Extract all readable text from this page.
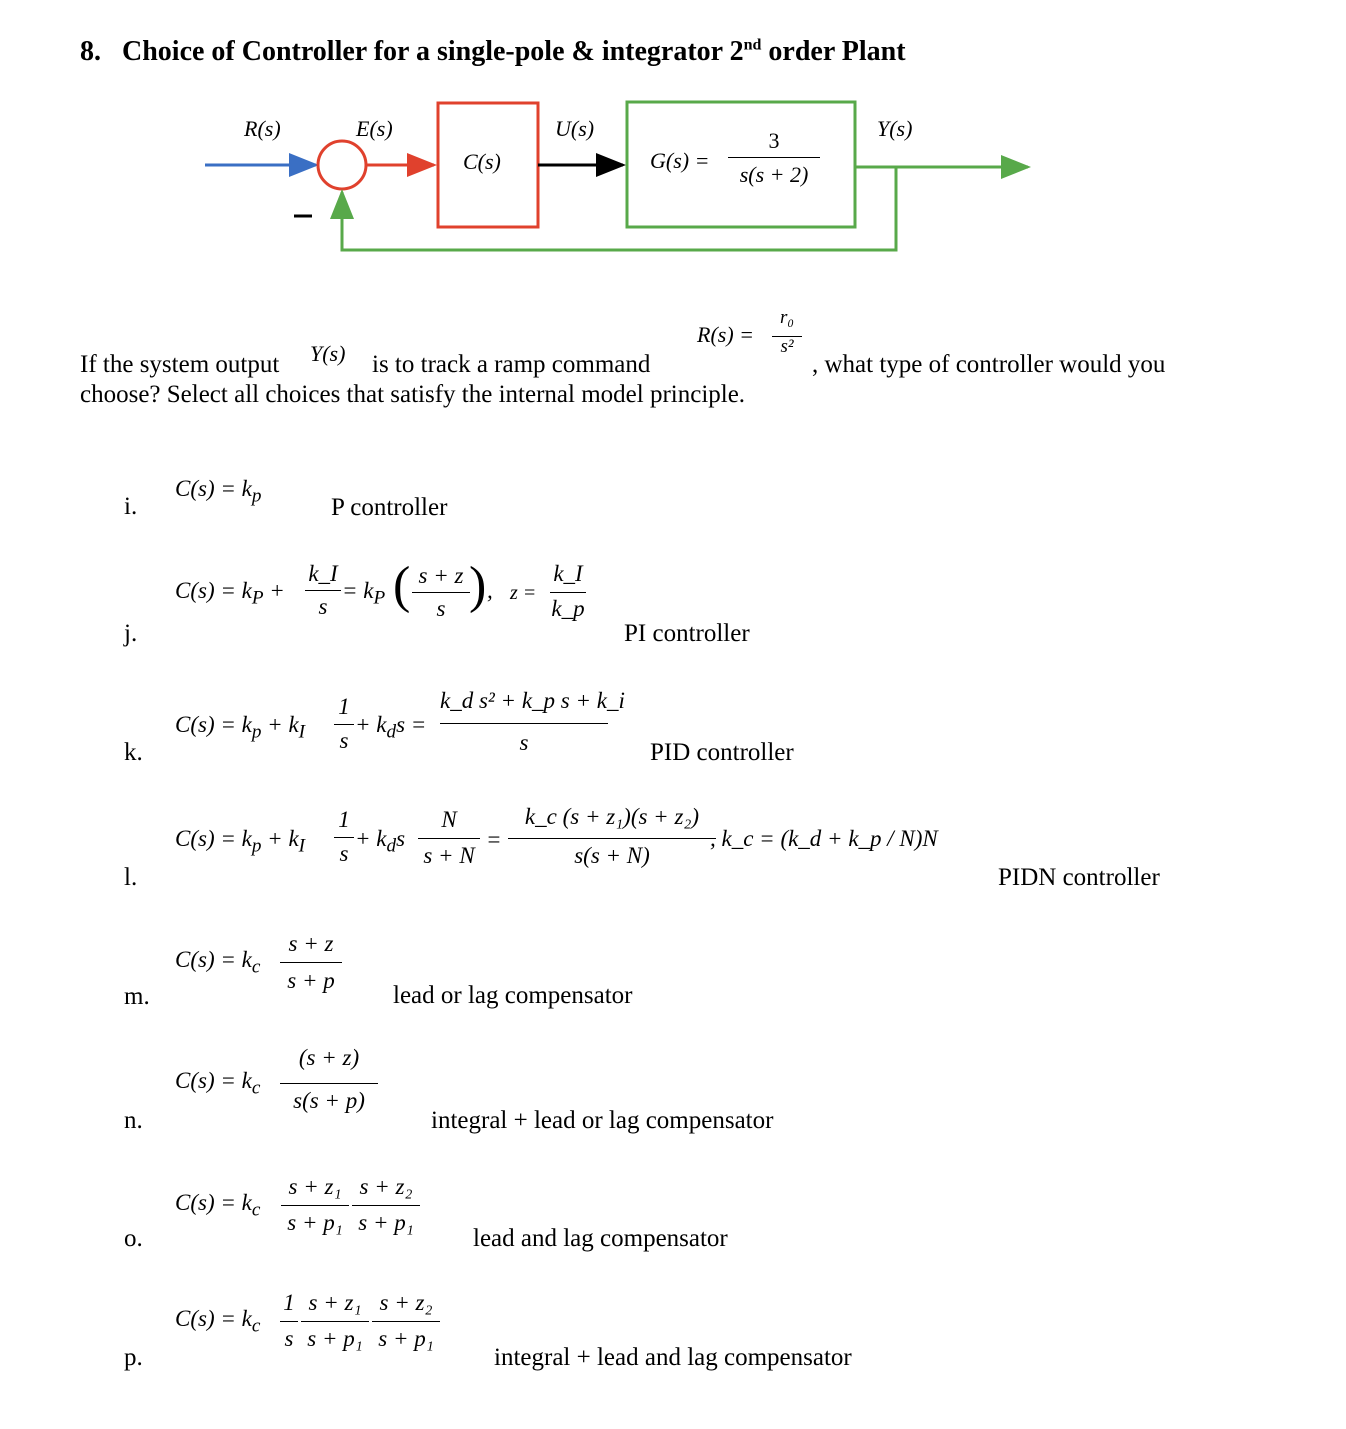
8. Choice of Controller for a single-pole & integrator 2nd order Plant
R(s)	E(s)	U(s)	Y(s)
C(s)	G(s) =
3
s(s + 2)
If the system output Y(s) is to track a ramp command
R(s) =
r₀
s²
, what type of controller would you
choose? Select all choices that satisfy the internal model principle.
i.
j.
k.
l.
m.
n.
o.
p.
P controller
PI controller
PID controller
PIDN controller
lead or lag compensator
integral + lead or lag compensator
lead and lag compensator
integral + lead and lag compensator
$C(s) = k_p$
$C(s) = k_P$ +
k_I
s
= $k_P$ ( s + z
s ) , z =
k_I
k_p
$C(s) = k_p + k_I$
1
s
+ $k_ds$ =
k_d s² + k_p s + k_i
s
$C(s) = k_p + k_I$
1
s
+ $k_ds$
N
s + N
=
k_c (s + z₁)(s + z₂)
s(s + N)
, k_c = (k_d + k_p / N)N
$C(s) = k_c$
s + z
s + p
$C(s) = k_c$
(s + z)
s(s + p)
$C(s) = k_c$
s + z₁
s + p₁
s + z₂
s + p₁
$C(s) = k_c$
1
s
s + z₁
s + p₁
s + z₂
s + p₁
